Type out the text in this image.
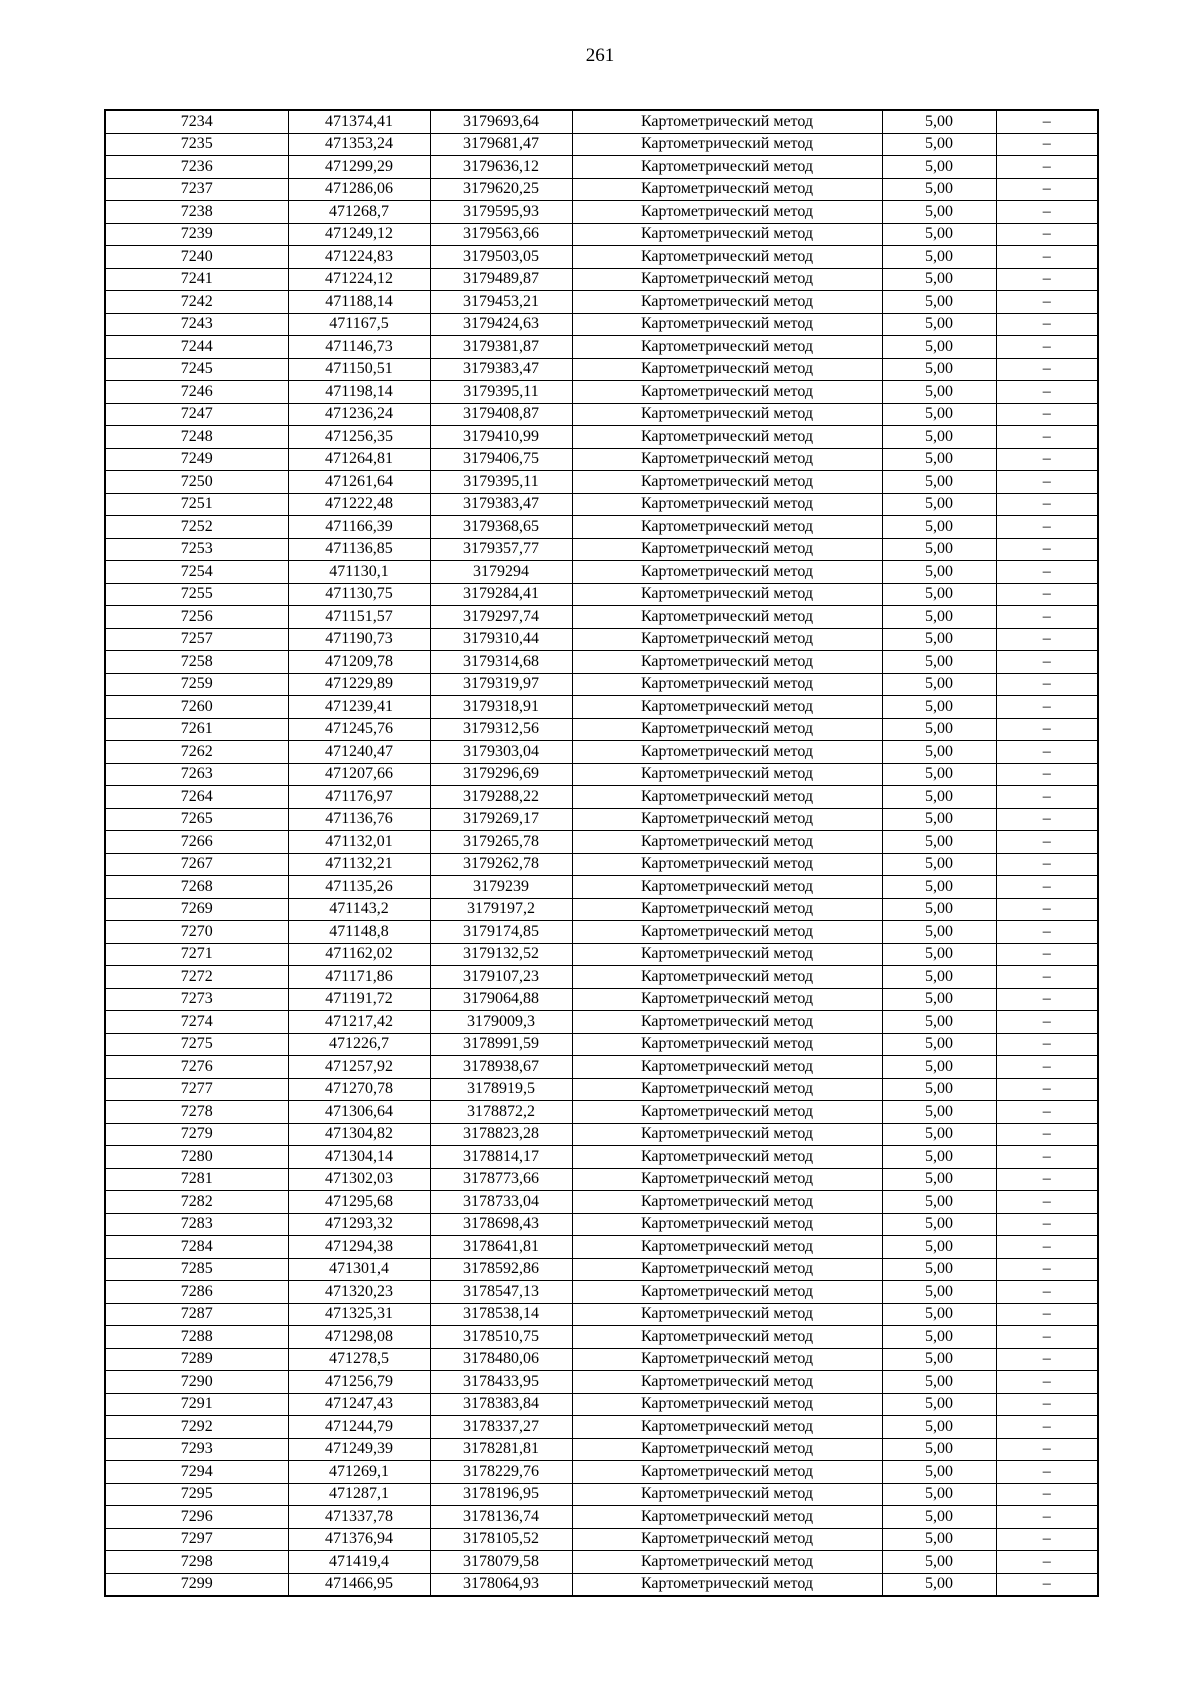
261
7234	471374,41	3179693,64	Картометрический метод	5,00	–
7235	471353,24	3179681,47	Картометрический метод	5,00	–
7236	471299,29	3179636,12	Картометрический метод	5,00	–
7237	471286,06	3179620,25	Картометрический метод	5,00	–
7238	471268,7	3179595,93	Картометрический метод	5,00	–
7239	471249,12	3179563,66	Картометрический метод	5,00	–
7240	471224,83	3179503,05	Картометрический метод	5,00	–
7241	471224,12	3179489,87	Картометрический метод	5,00	–
7242	471188,14	3179453,21	Картометрический метод	5,00	–
7243	471167,5	3179424,63	Картометрический метод	5,00	–
7244	471146,73	3179381,87	Картометрический метод	5,00	–
7245	471150,51	3179383,47	Картометрический метод	5,00	–
7246	471198,14	3179395,11	Картометрический метод	5,00	–
7247	471236,24	3179408,87	Картометрический метод	5,00	–
7248	471256,35	3179410,99	Картометрический метод	5,00	–
7249	471264,81	3179406,75	Картометрический метод	5,00	–
7250	471261,64	3179395,11	Картометрический метод	5,00	–
7251	471222,48	3179383,47	Картометрический метод	5,00	–
7252	471166,39	3179368,65	Картометрический метод	5,00	–
7253	471136,85	3179357,77	Картометрический метод	5,00	–
7254	471130,1	3179294	Картометрический метод	5,00	–
7255	471130,75	3179284,41	Картометрический метод	5,00	–
7256	471151,57	3179297,74	Картометрический метод	5,00	–
7257	471190,73	3179310,44	Картометрический метод	5,00	–
7258	471209,78	3179314,68	Картометрический метод	5,00	–
7259	471229,89	3179319,97	Картометрический метод	5,00	–
7260	471239,41	3179318,91	Картометрический метод	5,00	–
7261	471245,76	3179312,56	Картометрический метод	5,00	–
7262	471240,47	3179303,04	Картометрический метод	5,00	–
7263	471207,66	3179296,69	Картометрический метод	5,00	–
7264	471176,97	3179288,22	Картометрический метод	5,00	–
7265	471136,76	3179269,17	Картометрический метод	5,00	–
7266	471132,01	3179265,78	Картометрический метод	5,00	–
7267	471132,21	3179262,78	Картометрический метод	5,00	–
7268	471135,26	3179239	Картометрический метод	5,00	–
7269	471143,2	3179197,2	Картометрический метод	5,00	–
7270	471148,8	3179174,85	Картометрический метод	5,00	–
7271	471162,02	3179132,52	Картометрический метод	5,00	–
7272	471171,86	3179107,23	Картометрический метод	5,00	–
7273	471191,72	3179064,88	Картометрический метод	5,00	–
7274	471217,42	3179009,3	Картометрический метод	5,00	–
7275	471226,7	3178991,59	Картометрический метод	5,00	–
7276	471257,92	3178938,67	Картометрический метод	5,00	–
7277	471270,78	3178919,5	Картометрический метод	5,00	–
7278	471306,64	3178872,2	Картометрический метод	5,00	–
7279	471304,82	3178823,28	Картометрический метод	5,00	–
7280	471304,14	3178814,17	Картометрический метод	5,00	–
7281	471302,03	3178773,66	Картометрический метод	5,00	–
7282	471295,68	3178733,04	Картометрический метод	5,00	–
7283	471293,32	3178698,43	Картометрический метод	5,00	–
7284	471294,38	3178641,81	Картометрический метод	5,00	–
7285	471301,4	3178592,86	Картометрический метод	5,00	–
7286	471320,23	3178547,13	Картометрический метод	5,00	–
7287	471325,31	3178538,14	Картометрический метод	5,00	–
7288	471298,08	3178510,75	Картометрический метод	5,00	–
7289	471278,5	3178480,06	Картометрический метод	5,00	–
7290	471256,79	3178433,95	Картометрический метод	5,00	–
7291	471247,43	3178383,84	Картометрический метод	5,00	–
7292	471244,79	3178337,27	Картометрический метод	5,00	–
7293	471249,39	3178281,81	Картометрический метод	5,00	–
7294	471269,1	3178229,76	Картометрический метод	5,00	–
7295	471287,1	3178196,95	Картометрический метод	5,00	–
7296	471337,78	3178136,74	Картометрический метод	5,00	–
7297	471376,94	3178105,52	Картометрический метод	5,00	–
7298	471419,4	3178079,58	Картометрический метод	5,00	–
7299	471466,95	3178064,93	Картометрический метод	5,00	–
